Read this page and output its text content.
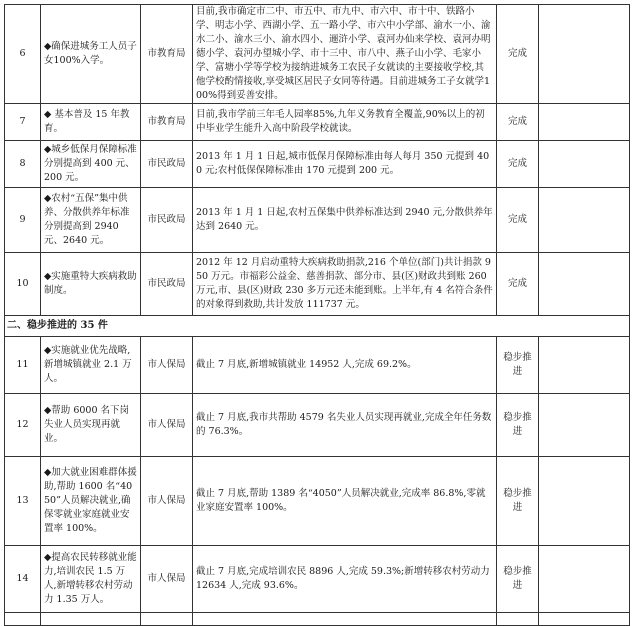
6	◆确保进城务工人员子女100%入学。	市教育局	目前,我市确定市二中、市五中、市九中、市六中、市十中、铁路小学、明志小学、西湖小学、五一路小学、市六中小学部、渝水一小、渝水二小、渝水三小、渝水四小、逦浒小学、袁河办仙来学校、袁河办明德小学、袁河办望城小学、市十三中、市八中、燕子山小学、毛家小学、富塘小学等学校为接纳进城务工农民子女就读的主要接收学校,其他学校酌情接收,享受城区居民子女同等待遇。目前进城务工子女就学100%得到妥善安排。	完成	
7	◆ 基本普及 15 年教育。	市教育局	目前,我市学前三年毛人园率85%,九年义务教育全覆盖,90%以上的初中毕业学生能升入高中阶段学校就读。	完成	
8	◆城乡低保月保障标准分别提高到 400 元、200 元。	市民政局	2013 年 1 月 1 日起,城市低保月保障标准由每人每月 350 元提到 400 元;农村低保保障标准由 170 元提到 200 元。	完成	
9	◆农村“五保”集中供养、分散供养年标准分别提高到 2940 元、2640 元。	市民政局	2013 年 1 月 1 日起,农村五保集中供养标准达到 2940 元,分散供养年达到 2640 元。	完成	
10	◆实施重特大疾病救助制度。	市民政局	2012 年 12 月启动重特大疾病救助捐款,216 个单位(部门)共计捐款 950 万元。市福彩公益金、慈善捐款、部分市、县(区)财政共到账 260 万元,市、县(区)财政 230 多万元还未能到账。上半年,有 4 名符合条件的对象得到救助,共计发放 111737 元。	完成	
二、稳步推进的 35 件					
11	◆实施就业优先战略,新增城镇就业 2.1 万人。	市人保局	截止 7 月底,新增城镇就业 14952 人,完成 69.2%。	稳步推进	
12	◆帮助 6000 名下岗失业人员实现再就业。	市人保局	截止 7 月底,我市共帮助 4579 名失业人员实现再就业,完成全年任务数的 76.3%。	稳步推进	
13	◆加大就业困难群体援助,帮助 1600 名“4050”人员解决就业,确保零就业家庭就业安置率 100%。	市人保局	截止 7 月底,帮助 1389 名“4050”人员解决就业,完成率 86.8%,零就业家庭安置率 100%。	稳步推进	
14	◆提高农民转移就业能力,培训农民 1.5 万人,新增转移农村劳动力 1.35 万人。	市人保局	截止 7 月底,完成培训农民 8896 人,完成 59.3%;新增转移农村劳动力 12634 人,完成 93.6%。	稳步推进	
